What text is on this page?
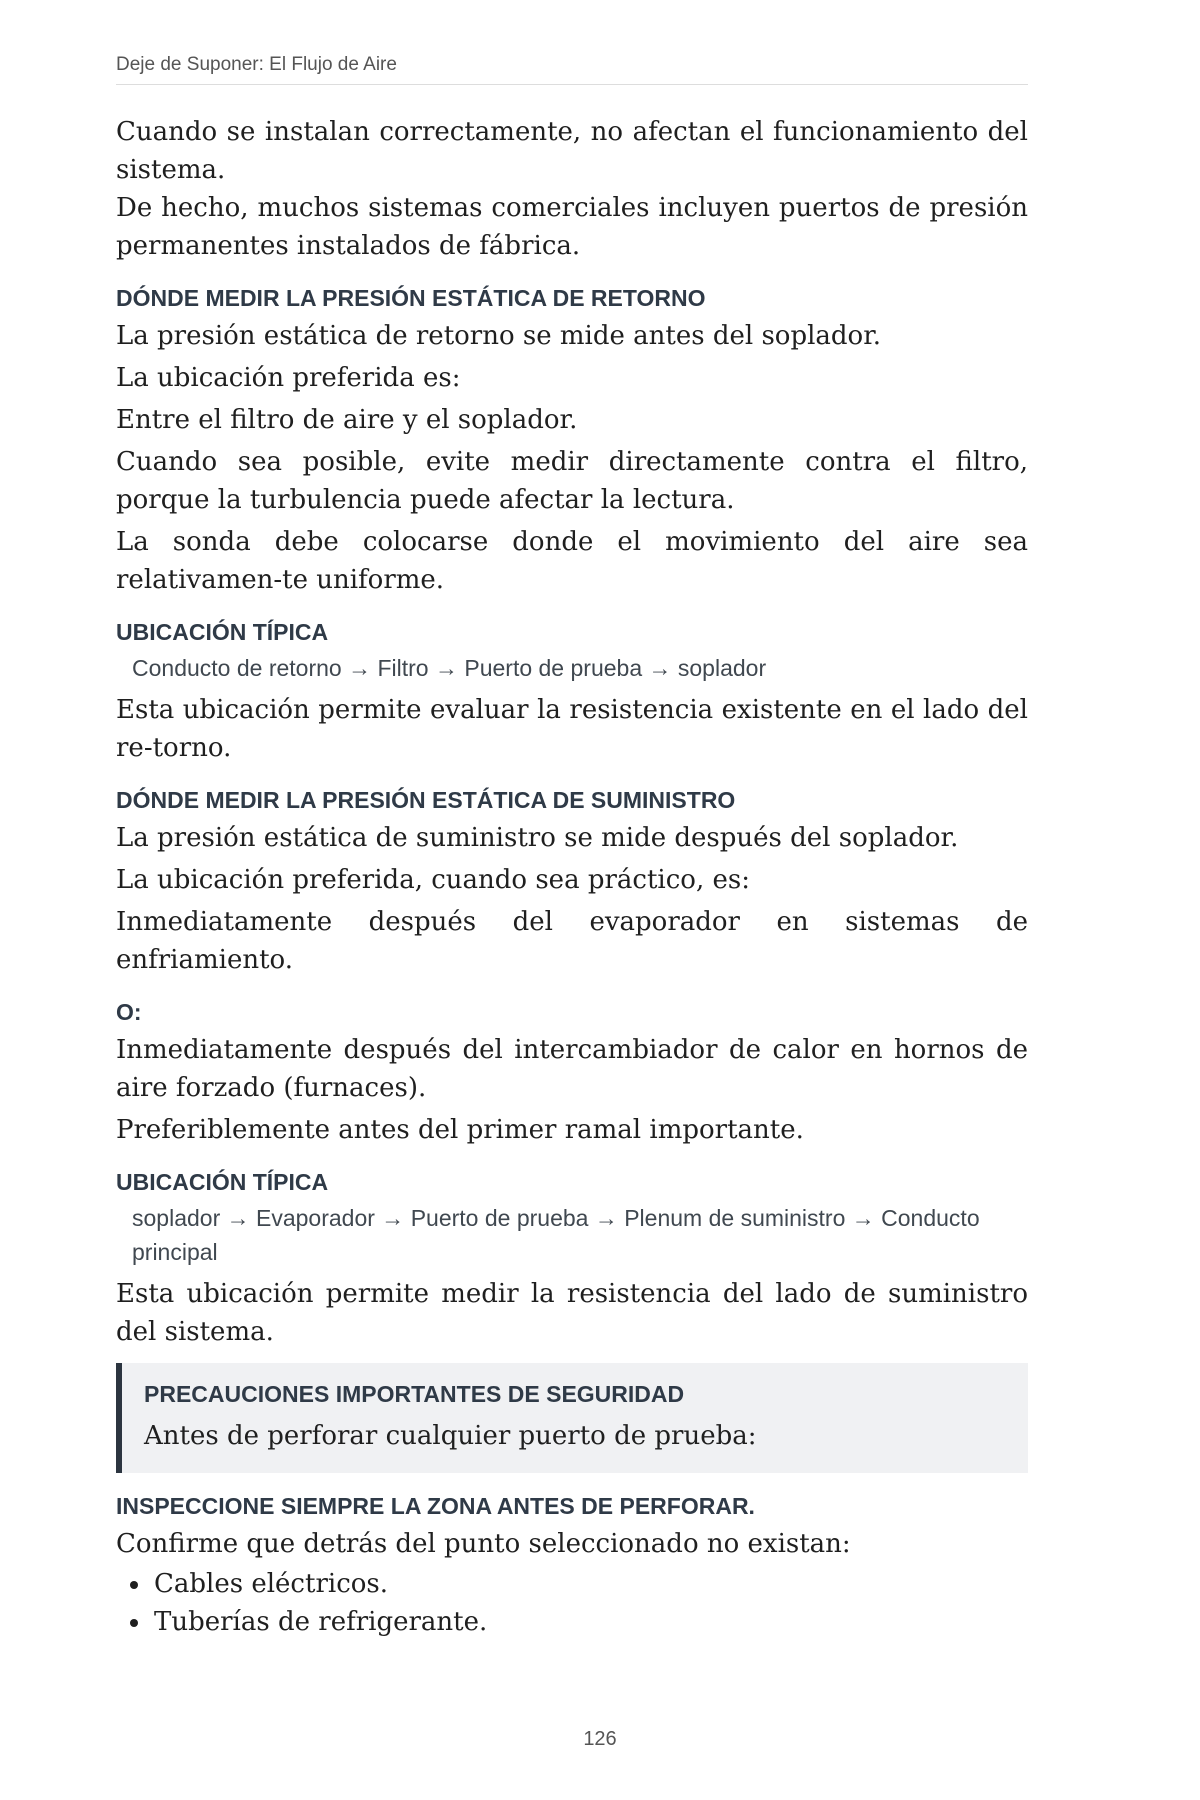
Deje de Suponer: El Flujo de Aire

Cuando se instalan correctamente, no afectan el funcionamiento del sistema.

De hecho, muchos sistemas comerciales incluyen puertos de presión permanentes instalados de fábrica.

DÓNDE MEDIR LA PRESIÓN ESTÁTICA DE RETORNO

La presión estática de retorno se mide antes del soplador.

La ubicación preferida es:

Entre el filtro de aire y el soplador.

Cuando sea posible, evite medir directamente contra el filtro, porque la turbulencia puede afectar la lectura.

La sonda debe colocarse donde el movimiento del aire sea relativamen-te uniforme.

UBICACIÓN TÍPICA
Conducto de retorno → Filtro → Puerto de prueba → soplador

Esta ubicación permite evaluar la resistencia existente en el lado del re-torno.

DÓNDE MEDIR LA PRESIÓN ESTÁTICA DE SUMINISTRO

La presión estática de suministro se mide después del soplador.

La ubicación preferida, cuando sea práctico, es:

Inmediatamente después del evaporador en sistemas de enfriamiento.

O:

Inmediatamente después del intercambiador de calor en hornos de aire forzado (furnaces).

Preferiblemente antes del primer ramal importante.

UBICACIÓN TÍPICA
soplador → Evaporador → Puerto de prueba → Plenum de suministro → Conducto principal

Esta ubicación permite medir la resistencia del lado de suministro del sistema.

PRECAUCIONES IMPORTANTES DE SEGURIDAD

Antes de perforar cualquier puerto de prueba:

INSPECCIONE SIEMPRE LA ZONA ANTES DE PERFORAR.

Confirme que detrás del punto seleccionado no existan:

• Cables eléctricos.
• Tuberías de refrigerante.
126
